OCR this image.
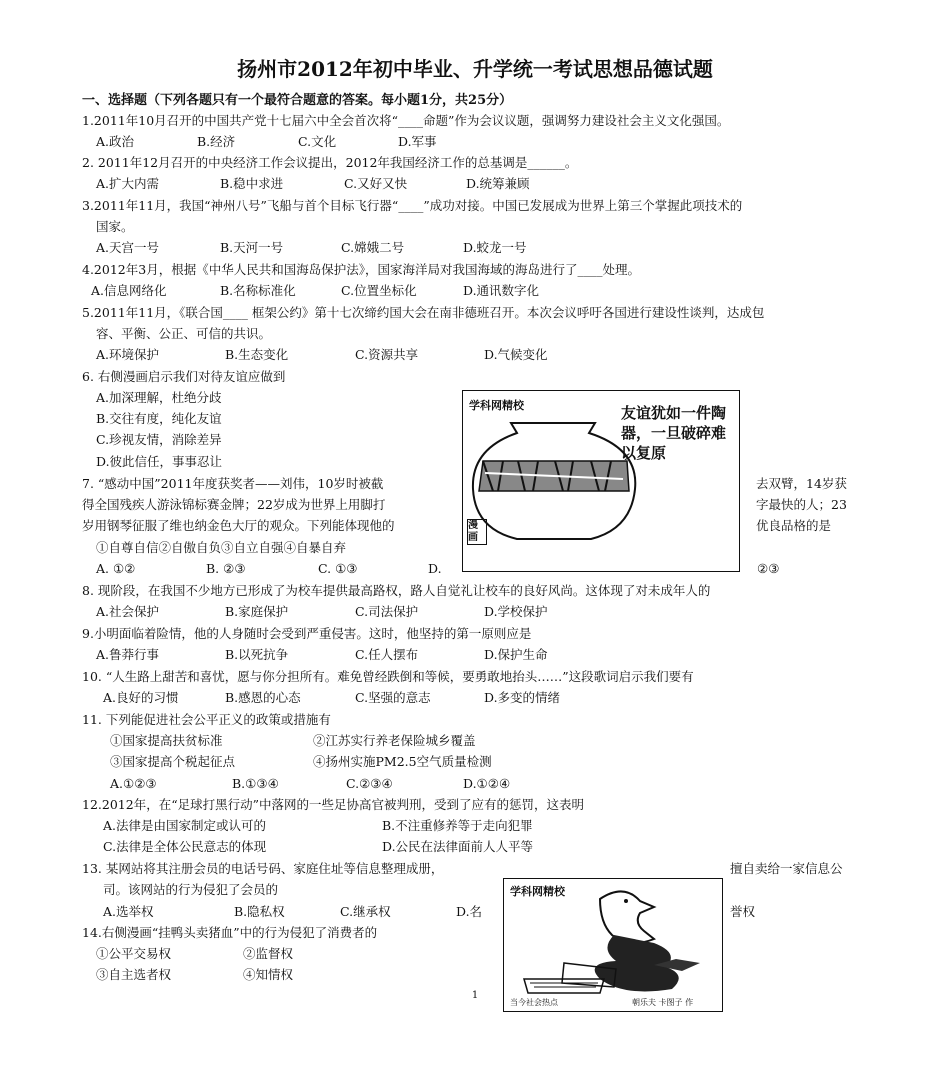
扬州市2012年初中毕业、升学统一考试思想品德试题
一、选择题（下列各题只有一个最符合题意的答案。每小题1分，共25分）
1.2011年10月召开的中国共产党十七届六中全会首次将“____命题”作为会议议题，强调努力建设社会主义文化强国。
A.政治	B.经济	C.文化	D.军事
2. 2011年12月召开的中央经济工作会议提出，2012年我国经济工作的总基调是______。
A.扩大内需	B.稳中求进	C.又好又快	D.统筹兼顾
3.2011年11月，我国“神州八号”飞船与首个目标飞行器“____”成功对接。中国已发展成为世界上第三个掌握此项技术的
国家。
A.天宫一号	B.天河一号	C.嫦娥二号	D.蛟龙一号
4.2012年3月，根据《中华人民共和国海岛保护法》，国家海洋局对我国海域的海岛进行了____处理。
A.信息网络化	B.名称标准化	C.位置坐标化	D.通讯数字化
5.2011年11月，《联合国____ 框架公约》第十七次缔约国大会在南非德班召开。本次会议呼吁各国进行建设性谈判，达成包
容、平衡、公正、可信的共识。
A.环境保护	B.生态变化	C.资源共享	D.气候变化
6. 右侧漫画启示我们对待友谊应做到
A.加深理解，杜绝分歧
B.交往有度，纯化友谊
C.珍视友情，消除差异
D.彼此信任，事事忍让
学科网精校	友谊犹如一件陶器，一旦破碎难以复原
漫画
7. “感动中国”2011年度获奖者——刘伟，10岁时被截	去双臂，14岁获
得全国残疾人游泳锦标赛金牌；22岁成为世界上用脚打	字最快的人；23
岁用钢琴征服了维也纳金色大厅的观众。下列能体现他的	优良品格的是
①自尊自信②自傲自负③自立自强④自暴自弃
A. ①②	B. ②③	C. ①③	D.	②③
8. 现阶段，在我国不少地方已形成了为校车提供最高路权，路人自觉礼让校车的良好风尚。这体现了对未成年人的
A.社会保护	B.家庭保护	C.司法保护	D.学校保护
9.小明面临着险情，他的人身随时会受到严重侵害。这时，他坚持的第一原则应是
A.鲁莽行事	B.以死抗争	C.任人摆布	D.保护生命
10. “人生路上甜苦和喜忧，愿与你分担所有。难免曾经跌倒和等候，要勇敢地抬头……”这段歌词启示我们要有
A.良好的习惯	B.感恩的心态	C.坚强的意志	D.多变的情绪
11. 下列能促进社会公平正义的政策或措施有
①国家提高扶贫标准	②江苏实行养老保险城乡覆盖
③国家提高个税起征点	④扬州实施PM2.5空气质量检测
A.①②③	B.①③④	C.②③④	D.①②④
12.2012年，在“足球打黑行动”中落网的一些足协高官被判刑，受到了应有的惩罚，这表明
A.法律是由国家制定或认可的	B.不注重修养等于走向犯罪
C.法律是全体公民意志的体现	D.公民在法律面前人人平等
13. 某网站将其注册会员的电话号码、家庭住址等信息整理成册，	擅自卖给一家信息公
司。该网站的行为侵犯了会员的
A.选举权	B.隐私权	C.继承权	D.名	誉权
14.右侧漫画“挂鸭头卖猪血”中的行为侵犯了消费者的
①公平交易权	②监督权
③自主选者权	④知情权
学科网精校
当今社会热点	朝乐夫 卡图子 作
1
